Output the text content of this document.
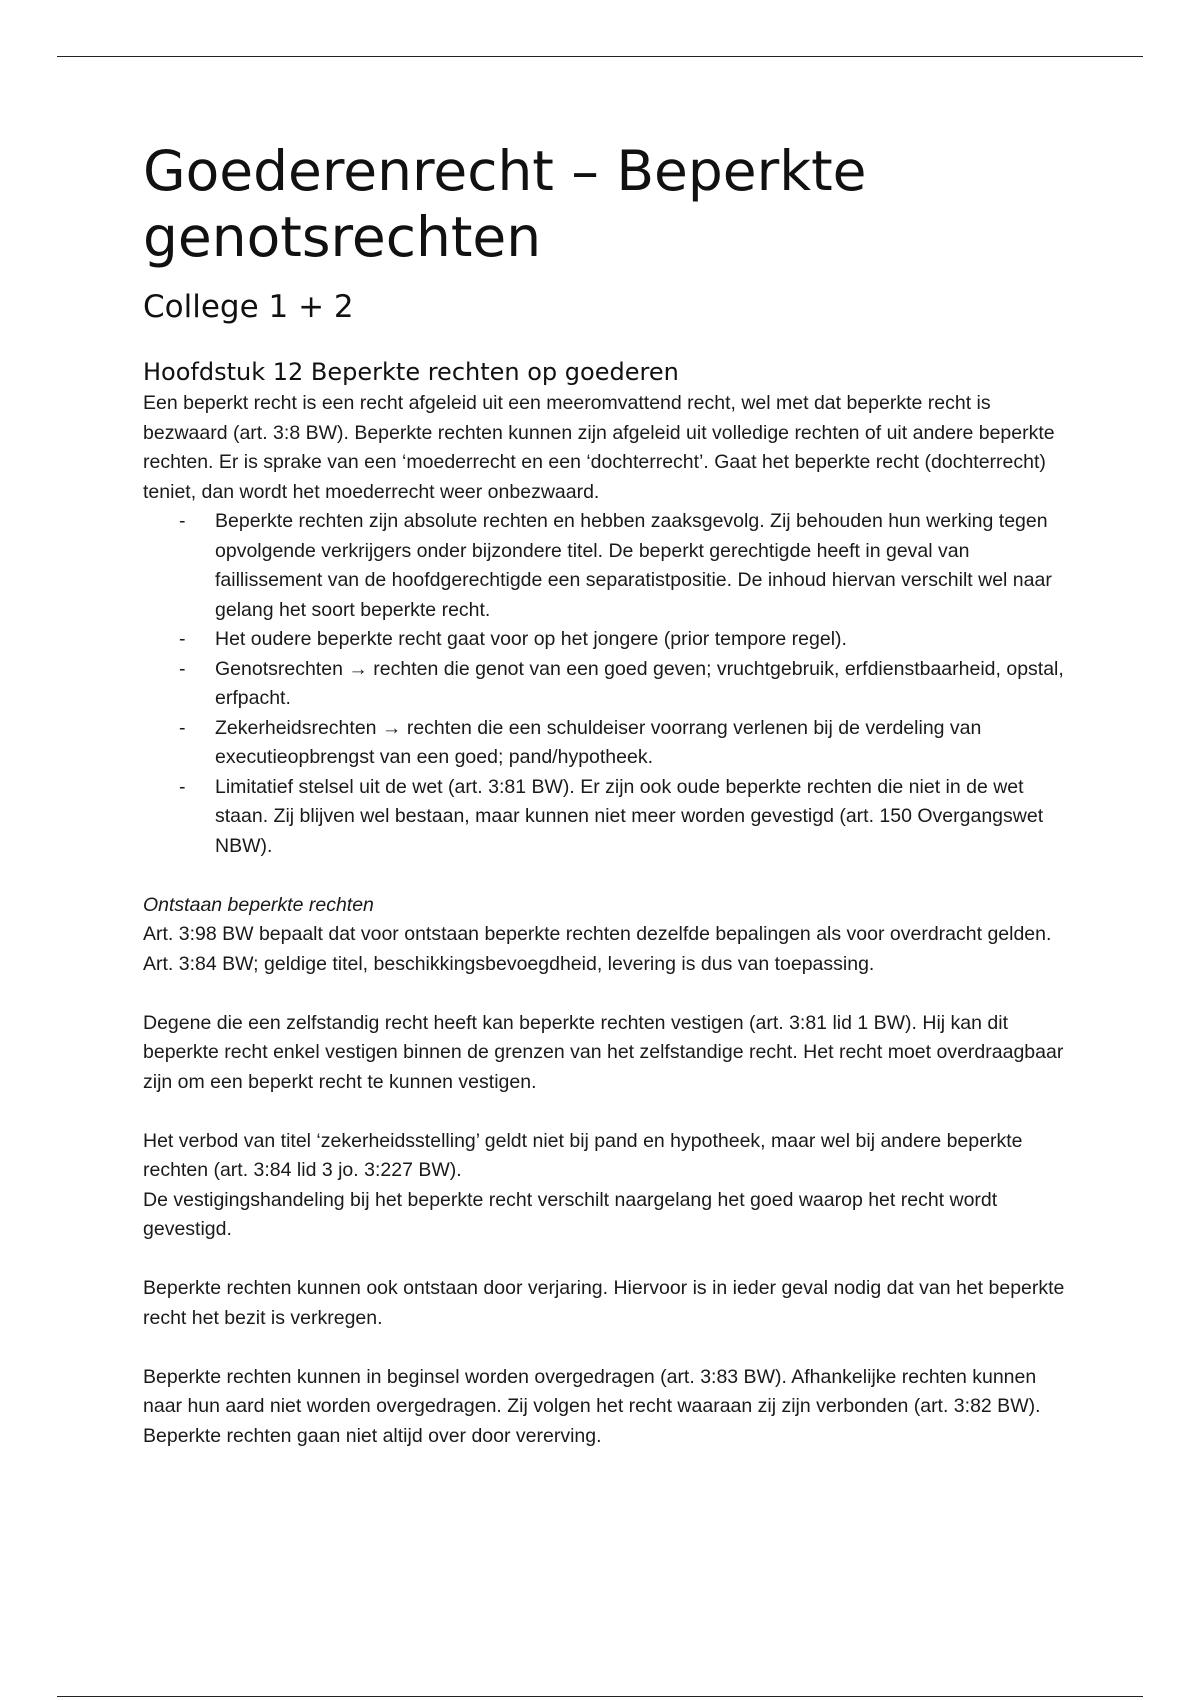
Goederenrecht – Beperkte genotsrechten
College 1 + 2
Hoofdstuk 12 Beperkte rechten op goederen

Een beperkt recht is een recht afgeleid uit een meeromvattend recht, wel met dat beperkte recht is bezwaard (art. 3:8 BW). Beperkte rechten kunnen zijn afgeleid uit volledige rechten of uit andere beperkte rechten. Er is sprake van een ‘moederrecht en een ‘dochterrecht’. Gaat het beperkte recht (dochterrecht) teniet, dan wordt het moederrecht weer onbezwaard.

- Beperkte rechten zijn absolute rechten en hebben zaaksgevolg. Zij behouden hun werking tegen opvolgende verkrijgers onder bijzondere titel. De beperkt gerechtigde heeft in geval van faillissement van de hoofdgerechtigde een separatistpositie. De inhoud hiervan verschilt wel naar gelang het soort beperkte recht.
- Het oudere beperkte recht gaat voor op het jongere (prior tempore regel).
- Genotsrechten → rechten die genot van een goed geven; vruchtgebruik, erfdienstbaarheid, opstal, erfpacht.
- Zekerheidsrechten → rechten die een schuldeiser voorrang verlenen bij de verdeling van executieopbrengst van een goed; pand/hypotheek.
- Limitatief stelsel uit de wet (art. 3:81 BW). Er zijn ook oude beperkte rechten die niet in de wet staan. Zij blijven wel bestaan, maar kunnen niet meer worden gevestigd (art. 150 Overgangswet NBW).

Ontstaan beperkte rechten

Art. 3:98 BW bepaalt dat voor ontstaan beperkte rechten dezelfde bepalingen als voor overdracht gelden. Art. 3:84 BW; geldige titel, beschikkingsbevoegdheid, levering is dus van toepassing.

Degene die een zelfstandig recht heeft kan beperkte rechten vestigen (art. 3:81 lid 1 BW). Hij kan dit beperkte recht enkel vestigen binnen de grenzen van het zelfstandige recht. Het recht moet overdraagbaar zijn om een beperkt recht te kunnen vestigen.

Het verbod van titel ‘zekerheidsstelling’ geldt niet bij pand en hypotheek, maar wel bij andere beperkte rechten (art. 3:84 lid 3 jo. 3:227 BW).

De vestigingshandeling bij het beperkte recht verschilt naargelang het goed waarop het recht wordt gevestigd.

Beperkte rechten kunnen ook ontstaan door verjaring. Hiervoor is in ieder geval nodig dat van het beperkte recht het bezit is verkregen.

Beperkte rechten kunnen in beginsel worden overgedragen (art. 3:83 BW). Afhankelijke rechten kunnen naar hun aard niet worden overgedragen. Zij volgen het recht waaraan zij zijn verbonden (art. 3:82 BW). Beperkte rechten gaan niet altijd over door vererving.
